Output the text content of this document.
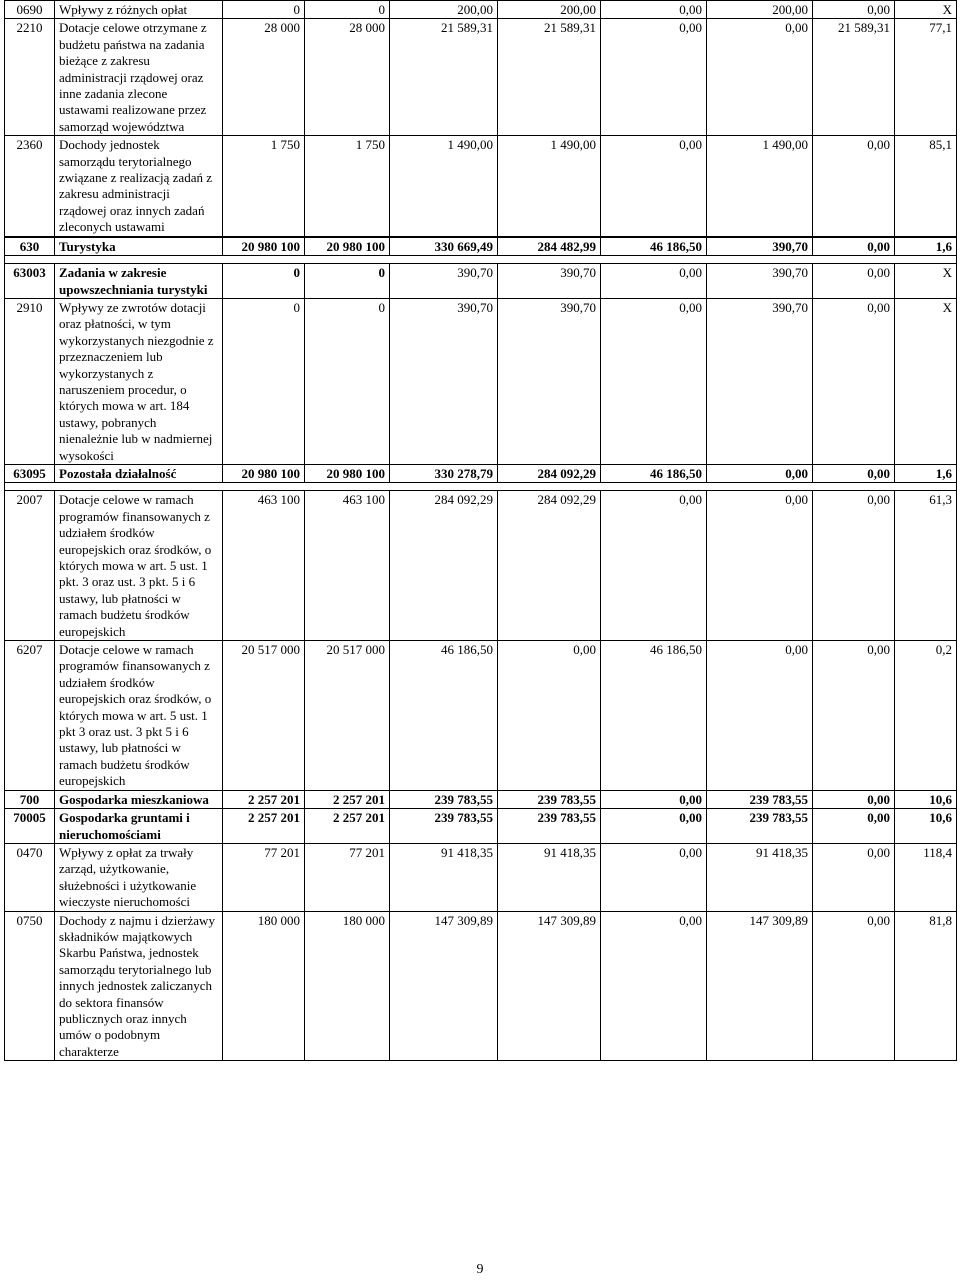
0690	Wpływy z różnych opłat	0	0	200,00	200,00	0,00	200,00	0,00	X
2210	Dotacje celowe otrzymane z budżetu państwa na zadania bieżące z zakresu administracji rządowej oraz inne zadania zlecone ustawami realizowane przez samorząd województwa	28 000	28 000	21 589,31	21 589,31	0,00	0,00	21 589,31	77,1
2360	Dochody jednostek samorządu terytorialnego związane z realizacją zadań z zakresu administracji rządowej oraz innych zadań zleconych ustawami	1 750	1 750	1 490,00	1 490,00	0,00	1 490,00	0,00	85,1
630	Turystyka	20 980 100	20 980 100	330 669,49	284 482,99	46 186,50	390,70	0,00	1,6

63003	Zadania w zakresie upowszechniania turystyki	0	0	390,70	390,70	0,00	390,70	0,00	X
2910	Wpływy ze zwrotów dotacji oraz płatności, w tym wykorzystanych niezgodnie z przeznaczeniem lub wykorzystanych z naruszeniem procedur, o których mowa w art. 184 ustawy, pobranych nienależnie lub w nadmiernej wysokości	0	0	390,70	390,70	0,00	390,70	0,00	X
63095	Pozostała działalność	20 980 100	20 980 100	330 278,79	284 092,29	46 186,50	0,00	0,00	1,6

2007	Dotacje celowe w ramach programów finansowanych z udziałem środków europejskich oraz środków, o których mowa w art. 5 ust. 1 pkt. 3 oraz ust. 3 pkt. 5 i 6 ustawy, lub płatności w ramach budżetu środków europejskich	463 100	463 100	284 092,29	284 092,29	0,00	0,00	0,00	61,3
6207	Dotacje celowe w ramach programów finansowanych z udziałem środków europejskich oraz środków, o których mowa w art. 5 ust. 1 pkt 3 oraz ust. 3 pkt 5 i 6 ustawy, lub płatności w ramach budżetu środków europejskich	20 517 000	20 517 000	46 186,50	0,00	46 186,50	0,00	0,00	0,2
700	Gospodarka mieszkaniowa	2 257 201	2 257 201	239 783,55	239 783,55	0,00	239 783,55	0,00	10,6
70005	Gospodarka gruntami i nieruchomościami	2 257 201	2 257 201	239 783,55	239 783,55	0,00	239 783,55	0,00	10,6
0470	Wpływy z opłat za trwały zarząd, użytkowanie, służebności i użytkowanie wieczyste nieruchomości	77 201	77 201	91 418,35	91 418,35	0,00	91 418,35	0,00	118,4
0750	Dochody z najmu i dzierżawy składników majątkowych Skarbu Państwa, jednostek samorządu terytorialnego lub innych jednostek zaliczanych do sektora finansów publicznych oraz innych umów o podobnym charakterze	180 000	180 000	147 309,89	147 309,89	0,00	147 309,89	0,00	81,8
9
